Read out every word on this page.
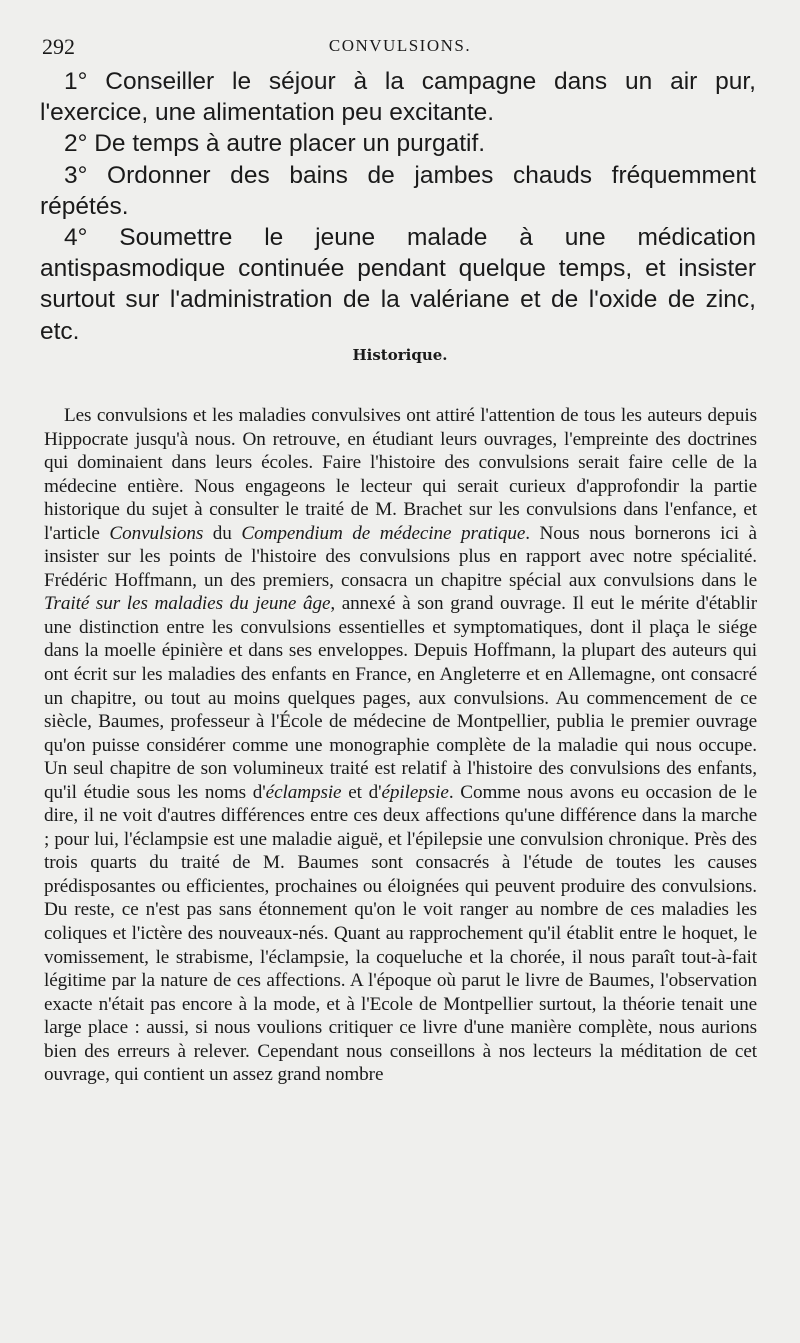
292	CONVULSIONS.

1° Conseiller le séjour à la campagne dans un air pur, l'exercice, une alimentation peu excitante.

2° De temps à autre placer un purgatif.

3° Ordonner des bains de jambes chauds fréquemment répétés.

4° Soumettre le jeune malade à une médication antispasmodique continuée pendant quelque temps, et insister surtout sur l'administration de la valériane et de l'oxide de zinc, etc.

Historique.

Les convulsions et les maladies convulsives ont attiré l'attention de tous les auteurs depuis Hippocrate jusqu'à nous. On retrouve, en étudiant leurs ouvrages, l'empreinte des doctrines qui dominaient dans leurs écoles. Faire l'histoire des convulsions serait faire celle de la médecine entière. Nous engageons le lecteur qui serait curieux d'approfondir la partie historique du sujet à consulter le traité de M. Brachet sur les convulsions dans l'enfance, et l'article Convulsions du Compendium de médecine pratique. Nous nous bornerons ici à insister sur les points de l'histoire des convulsions plus en rapport avec notre spécialité. Frédéric Hoffmann, un des premiers, consacra un chapitre spécial aux convulsions dans le Traité sur les maladies du jeune âge, annexé à son grand ouvrage. Il eut le mérite d'établir une distinction entre les convulsions essentielles et symptomatiques, dont il plaça le siége dans la moelle épinière et dans ses enveloppes. Depuis Hoffmann, la plupart des auteurs qui ont écrit sur les maladies des enfants en France, en Angleterre et en Allemagne, ont consacré un chapitre, ou tout au moins quelques pages, aux convulsions. Au commencement de ce siècle, Baumes, professeur à l'École de médecine de Montpellier, publia le premier ouvrage qu'on puisse considérer comme une monographie complète de la maladie qui nous occupe. Un seul chapitre de son volumineux traité est relatif à l'histoire des convulsions des enfants, qu'il étudie sous les noms d'éclampsie et d'épilepsie. Comme nous avons eu occasion de le dire, il ne voit d'autres différences entre ces deux affections qu'une différence dans la marche ; pour lui, l'éclampsie est une maladie aiguë, et l'épilepsie une convulsion chronique. Près des trois quarts du traité de M. Baumes sont consacrés à l'étude de toutes les causes prédisposantes ou efficientes, prochaines ou éloignées qui peuvent produire des convulsions. Du reste, ce n'est pas sans étonnement qu'on le voit ranger au nombre de ces maladies les coliques et l'ictère des nouveaux-nés. Quant au rapprochement qu'il établit entre le hoquet, le vomissement, le strabisme, l'éclampsie, la coqueluche et la chorée, il nous paraît tout-à-fait légitime par la nature de ces affections. A l'époque où parut le livre de Baumes, l'observation exacte n'était pas encore à la mode, et à l'Ecole de Montpellier surtout, la théorie tenait une large place : aussi, si nous voulions critiquer ce livre d'une manière complète, nous aurions bien des erreurs à relever. Cependant nous conseillons à nos lecteurs la méditation de cet ouvrage, qui contient un assez grand nombre
